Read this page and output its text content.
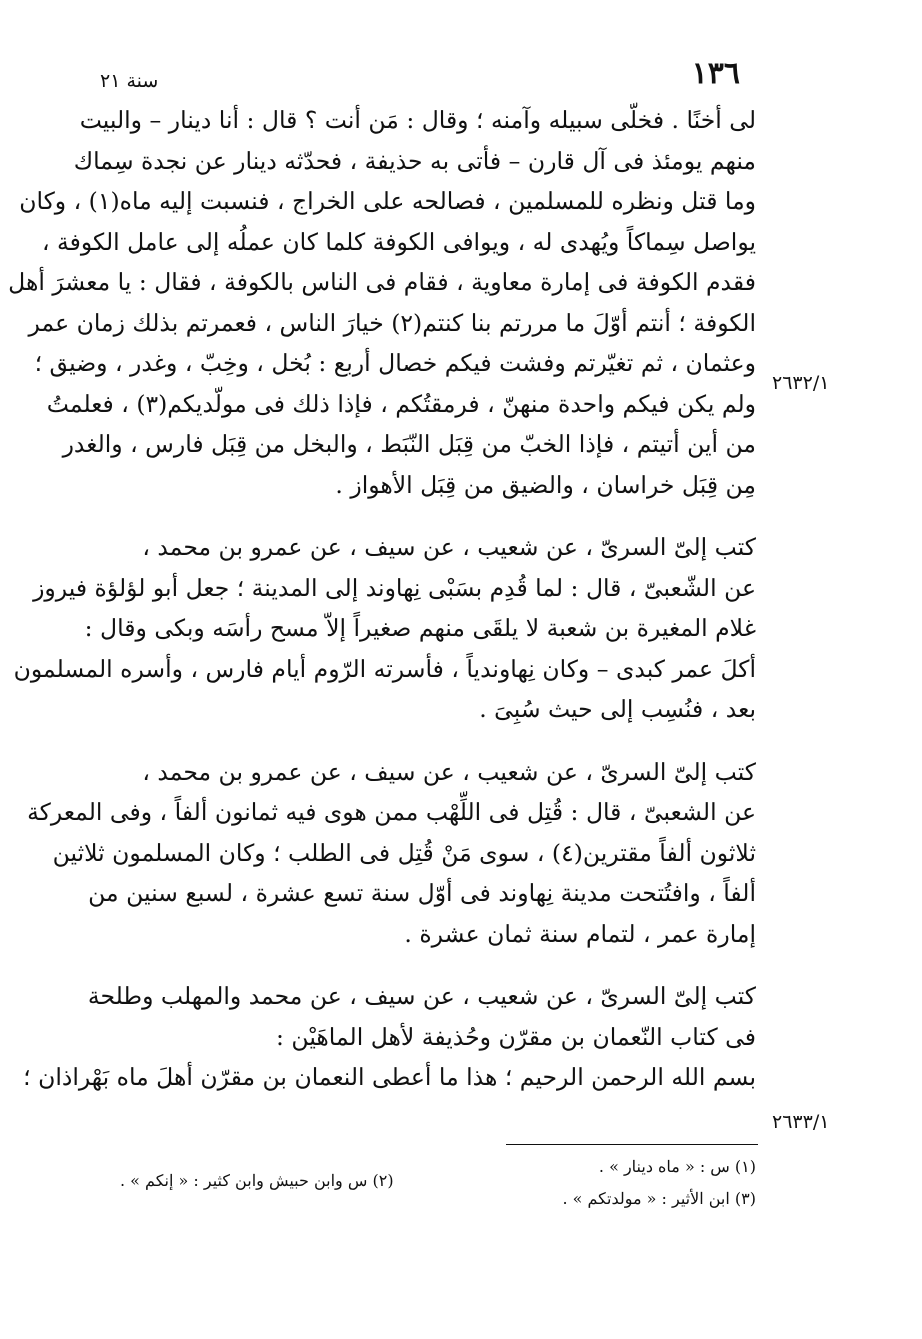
١٣٦
سنة ٢١
٢٦٣٢/١
٢٦٣٣/١
لى أخنًا . فخلّى سبيله وآمنه ؛ وقال : مَن أنت ؟ قال : أنا دينار – والبيت
منهم يومئذ فى آل قارن – فأتى به حذيفة ، فحدّثه دينار عن نجدة سِماك
وما قتل ونظره للمسلمين ، فصالحه على الخراج ، فنسبت إليه ماه(١) ، وكان
يواصل سِماكاً ويُهدى له ، ويوافى الكوفة كلما كان عملُه إلى عامل الكوفة ،
فقدم الكوفة فى إمارة معاوية ، فقام فى الناس بالكوفة ، فقال : يا معشرَ أهل
الكوفة ؛ أنتم أوّلَ ما مررتم بنا كنتم(٢) خيارَ الناس ، فعمرتم بذلك زمان عمر
وعثمان ، ثم تغيّرتم وفشت فيكم خصال أربع : بُخل ، وخِبّ ، وغدر ، وضيق ؛
ولم يكن فيكم واحدة منهنّ ، فرمقتُكم ، فإذا ذلك فى مولّديكم(٣) ، فعلمتُ
من أين أتيتم ، فإذا الخبّ من قِبَل النّبَط ، والبخل من قِبَل فارس ، والغدر
مِن قِبَل خراسان ، والضيق من قِبَل الأهواز .
كتب إلىّ السرىّ ، عن شعيب ، عن سيف ، عن عمرو بن محمد ،
عن الشّعبىّ ، قال : لما قُدِم بسَبْى نِهاوند إلى المدينة ؛ جعل أبو لؤلؤة فيروز
غلام المغيرة بن شعبة لا يلقَى منهم صغيراً إلاّ مسح رأسَه وبكى وقال :
أكلَ عمر كبدى – وكان نِهاوندياً ، فأسرته الرّوم أيام فارس ، وأسره المسلمون
بعد ، فنُسِب إلى حيث سُبِىَ .
كتب إلىّ السرىّ ، عن شعيب ، عن سيف ، عن عمرو بن محمد ،
عن الشعبىّ ، قال : قُتِل فى اللِّهْب ممن هوى فيه ثمانون ألفاً ، وفى المعركة
ثلاثون ألفاً مقترين(٤) ، سوى مَنْ قُتِل فى الطلب ؛ وكان المسلمون ثلاثين
ألفاً ، وافتُتحت مدينة نِهاوند فى أوّل سنة تسع عشرة ، لسبع سنين من
إمارة عمر ، لتمام سنة ثمان عشرة .
كتب إلىّ السرىّ ، عن شعيب ، عن سيف ، عن محمد والمهلب وطلحة
فى كتاب النّعمان بن مقرّن وحُذيفة لأهل الماهَيْن :
بسم الله الرحمن الرحيم ؛ هذا ما أعطى النعمان بن مقرّن أهلَ ماه بَهْراذان ؛
(١) س : « ماه دينار » .
(٢) س وابن حبيش وابن كثير : « إنكم » .
(٣) ابن الأثير : « مولدتكم » .
